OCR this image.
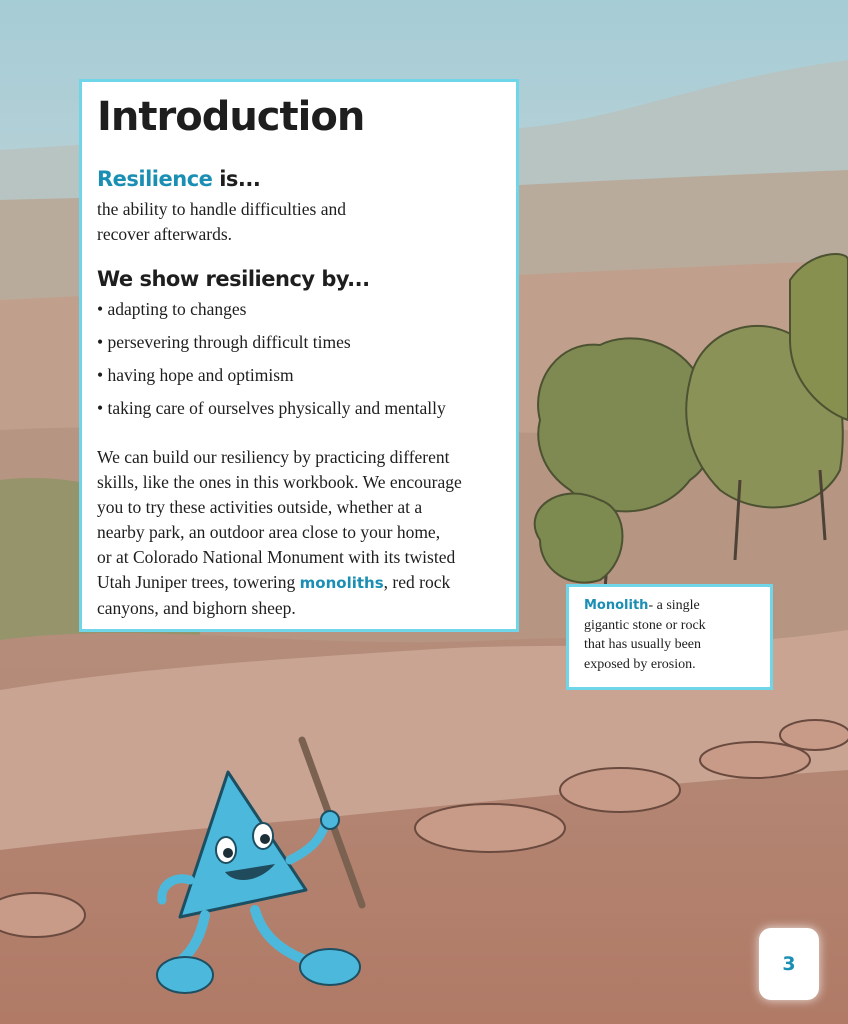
Introduction
Resilience is...

the ability to handle difficulties and

recover afterwards.

We show resiliency by...

• adapting to changes

• persevering through difficult times

• having hope and optimism

• taking care of ourselves physically and mentally

We can build our resiliency by practicing different

skills, like the ones in this workbook. We encourage

you to try these activities outside, whether at a

nearby park, an outdoor area close to your home,

or at Colorado National Monument with its twisted

Utah Juniper trees, towering monoliths, red rock

canyons, and bighorn sheep.	Monolith- a single
gigantic stone or rock
that has usually been
exposed by erosion.
3
